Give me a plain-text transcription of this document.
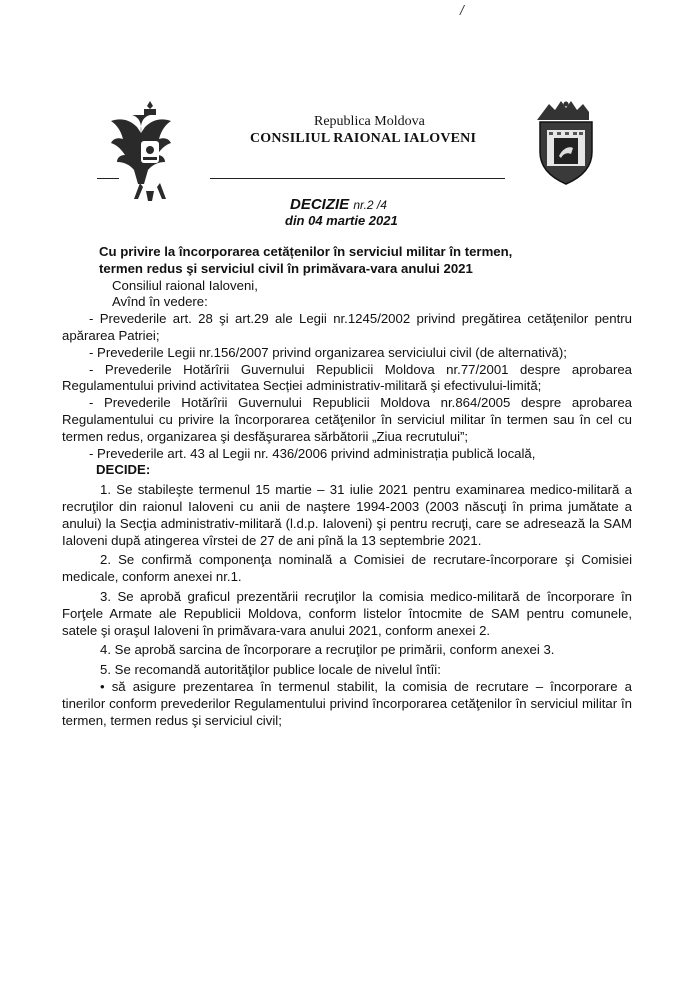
/
Republica Moldova
CONSILIUL RAIONAL IALOVENI
DECIZIE nr.2 /4
din 04 martie 2021

Cu privire la încorporarea cetățenilor în serviciul militar în termen,

termen redus şi serviciul civil în primăvara-vara anului 2021

Consiliul raional Ialoveni,

Avînd în vedere:

- Prevederile art. 28 şi art.29 ale Legii nr.1245/2002 privind pregătirea cetăţenilor pentru apărarea Patriei;

- Prevederile Legii nr.156/2007 privind organizarea serviciului civil (de alternativă);

- Prevederile Hotărîrii Guvernului Republicii Moldova nr.77/2001 despre aprobarea Regulamentului privind activitatea Secției administrativ-militară şi efectivului-limită;

- Prevederile Hotărîrii Guvernului Republicii Moldova nr.864/2005 despre aprobarea Regulamentului cu privire la încorporarea cetăţenilor în serviciul militar în termen sau în cel cu termen redus, organizarea şi desfăşurarea sărbătorii „Ziua recrutului”;

- Prevederile art. 43 al Legii nr. 436/2006 privind administrația publică locală,

DECIDE:

1. Se stabileşte termenul 15 martie – 31 iulie 2021 pentru examinarea medico-militară a recruţilor din raionul Ialoveni cu anii de naştere 1994-2003 (2003 născuţi în prima jumătate a anului) la Secţia administrativ-militară (l.d.p. Ialoveni) şi pentru recruţi, care se adresează la SAM Ialoveni după atingerea vîrstei de 27 de ani pînă la 13 septembrie 2021.

2. Se confirmă componenţa nominală a Comisiei de recrutare-încorporare şi Comisiei medicale, conform anexei nr.1.

3. Se aprobă graficul prezentării recruţilor la comisia medico-militară de încorporare în Forţele Armate ale Republicii Moldova, conform listelor întocmite de SAM pentru comunele, satele şi oraşul Ialoveni în primăvara-vara anului 2021, conform anexei 2.

4. Se aprobă sarcina de încorporare a recruţilor pe primării, conform anexei 3.

5. Se recomandă autorităţilor publice locale de nivelul întîi:

• să asigure prezentarea în termenul stabilit, la comisia de recrutare – încorporare a tinerilor conform prevederilor Regulamentului privind încorporarea cetăţenilor în serviciul militar în termen, termen redus şi serviciul civil;
